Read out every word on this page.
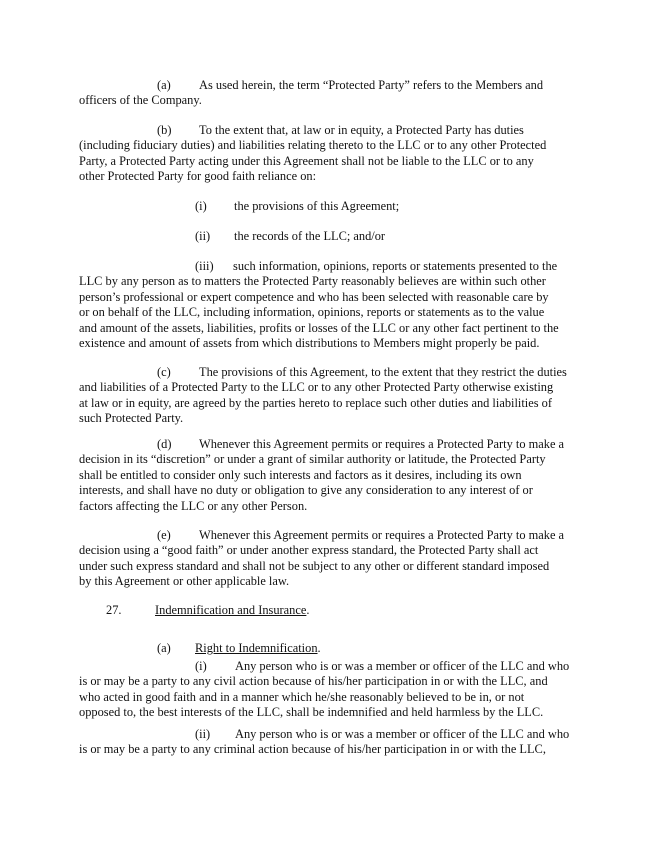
(a) As used herein, the term “Protected Party” refers to the Members and
officers of the Company.

(b) To the extent that, at law or in equity, a Protected Party has duties
(including fiduciary duties) and liabilities relating thereto to the LLC or to any other Protected
Party, a Protected Party acting under this Agreement shall not be liable to the LLC or to any
other Protected Party for good faith reliance on:

(i) the provisions of this Agreement;

(ii) the records of the LLC; and/or

(iii) such information, opinions, reports or statements presented to the
LLC by any person as to matters the Protected Party reasonably believes are within such other
person’s professional or expert competence and who has been selected with reasonable care by
or on behalf of the LLC, including information, opinions, reports or statements as to the value
and amount of the assets, liabilities, profits or losses of the LLC or any other fact pertinent to the
existence and amount of assets from which distributions to Members might properly be paid.

(c) The provisions of this Agreement, to the extent that they restrict the duties
and liabilities of a Protected Party to the LLC or to any other Protected Party otherwise existing
at law or in equity, are agreed by the parties hereto to replace such other duties and liabilities of
such Protected Party.

(d) Whenever this Agreement permits or requires a Protected Party to make a
decision in its “discretion” or under a grant of similar authority or latitude, the Protected Party
shall be entitled to consider only such interests and factors as it desires, including its own
interests, and shall have no duty or obligation to give any consideration to any interest of or
factors affecting the LLC or any other Person.

(e) Whenever this Agreement permits or requires a Protected Party to make a
decision using a “good faith” or under another express standard, the Protected Party shall act
under such express standard and shall not be subject to any other or different standard imposed
by this Agreement or other applicable law.

27.	Indemnification and Insurance.

(a) Right to Indemnification.

(i) Any person who is or was a member or officer of the LLC and who
is or may be a party to any civil action because of his/her participation in or with the LLC, and
who acted in good faith and in a manner which he/she reasonably believed to be in, or not
opposed to, the best interests of the LLC, shall be indemnified and held harmless by the LLC.

(ii) Any person who is or was a member or officer of the LLC and who
is or may be a party to any criminal action because of his/her participation in or with the LLC,
